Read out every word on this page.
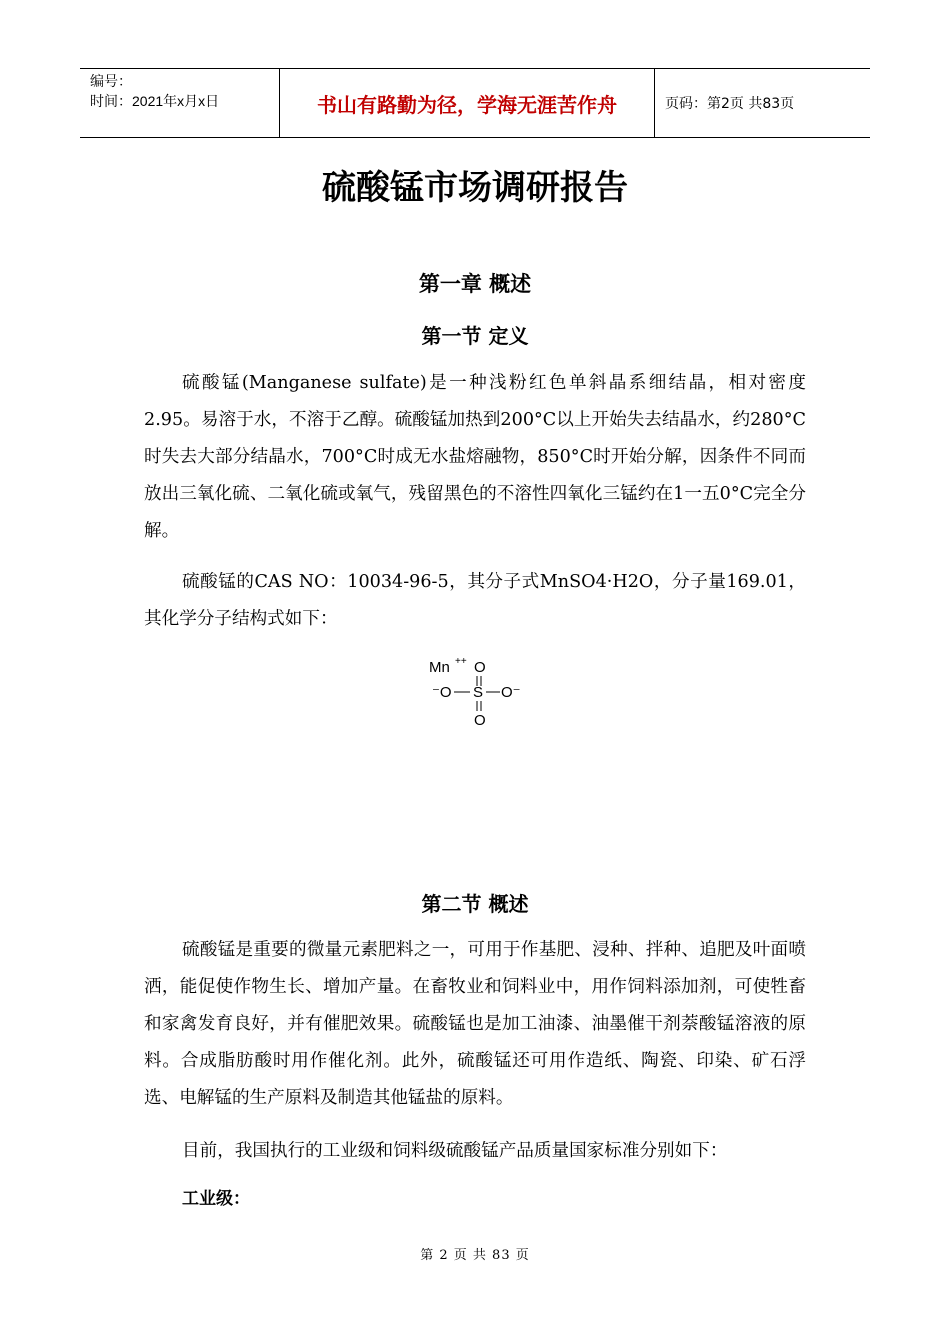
编号：
时间：2021年x月x日	书山有路勤为径，学海无涯苦作舟	页码：第2页 共83页
硫酸锰市场调研报告
第一章 概述
第一节 定义

硫酸锰(Manganese sulfate)是一种浅粉红色单斜晶系细结晶，相对密度2.95。易溶于水，不溶于乙醇。硫酸锰加热到200°C以上开始失去结晶水，约280°C时失去大部分结晶水，700°C时成无水盐熔融物，850°C时开始分解，因条件不同而放出三氧化硫、二氧化硫或氧气，残留黑色的不溶性四氧化三锰约在1一五0°C完全分解。

硫酸锰的CAS NO：10034-96-5，其分子式MnSO4·H2O，分子量169.01，其化学分子结构式如下：

Mn ++ O
⁻O S O⁻
O
第二节 概述

硫酸锰是重要的微量元素肥料之一，可用于作基肥、浸种、拌种、追肥及叶面喷洒，能促使作物生长、增加产量。在畜牧业和饲料业中，用作饲料添加剂，可使牲畜和家禽发育良好，并有催肥效果。硫酸锰也是加工油漆、油墨催干剂萘酸锰溶液的原料。合成脂肪酸时用作催化剂。此外，硫酸锰还可用作造纸、陶瓷、印染、矿石浮选、电解锰的生产原料及制造其他锰盐的原料。

目前，我国执行的工业级和饲料级硫酸锰产品质量国家标准分别如下：

工业级：
第 2 页 共 83 页
